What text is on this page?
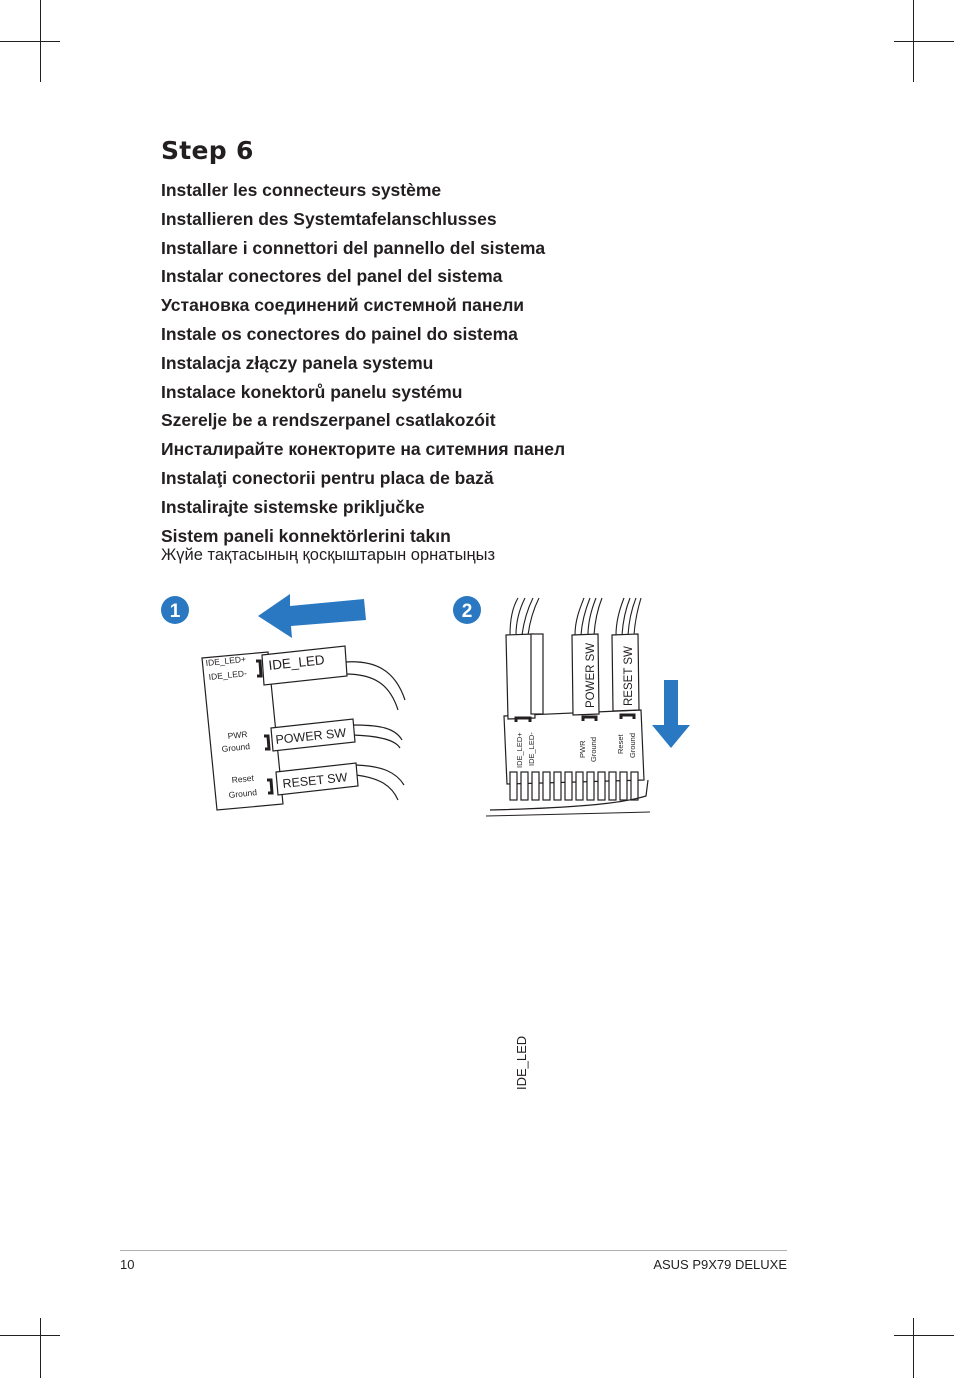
Step 6
Installer les connecteurs système
Installieren des Systemtafelanschlusses
Installare i connettori del pannello del sistema
Instalar conectores del panel del sistema
Установка соединений системной панели
Instale os conectores do painel do sistema
Instalacja złączy panela systemu
Instalace konektorů panelu systému
Szerelje be a rendszerpanel csatlakozóit
Инсталирайте конекторите на ситемния панел
Instalaţi conectorii pentru placa de bază
Instalirajte sistemske priključke
Sistem paneli konnektörlerini takın
Жүйе тақтасының қосқыштарын орнатыңыз
1
IDE_LED
POWER SW
RESET SW
IDE_LED+
IDE_LED-
PWR
Ground
Reset
Ground
2
IDE_LED
POWER SW RESET SW
IDE_LED+ IDE_LED-	PWR Ground Reset Ground
10	ASUS P9X79 DELUXE
